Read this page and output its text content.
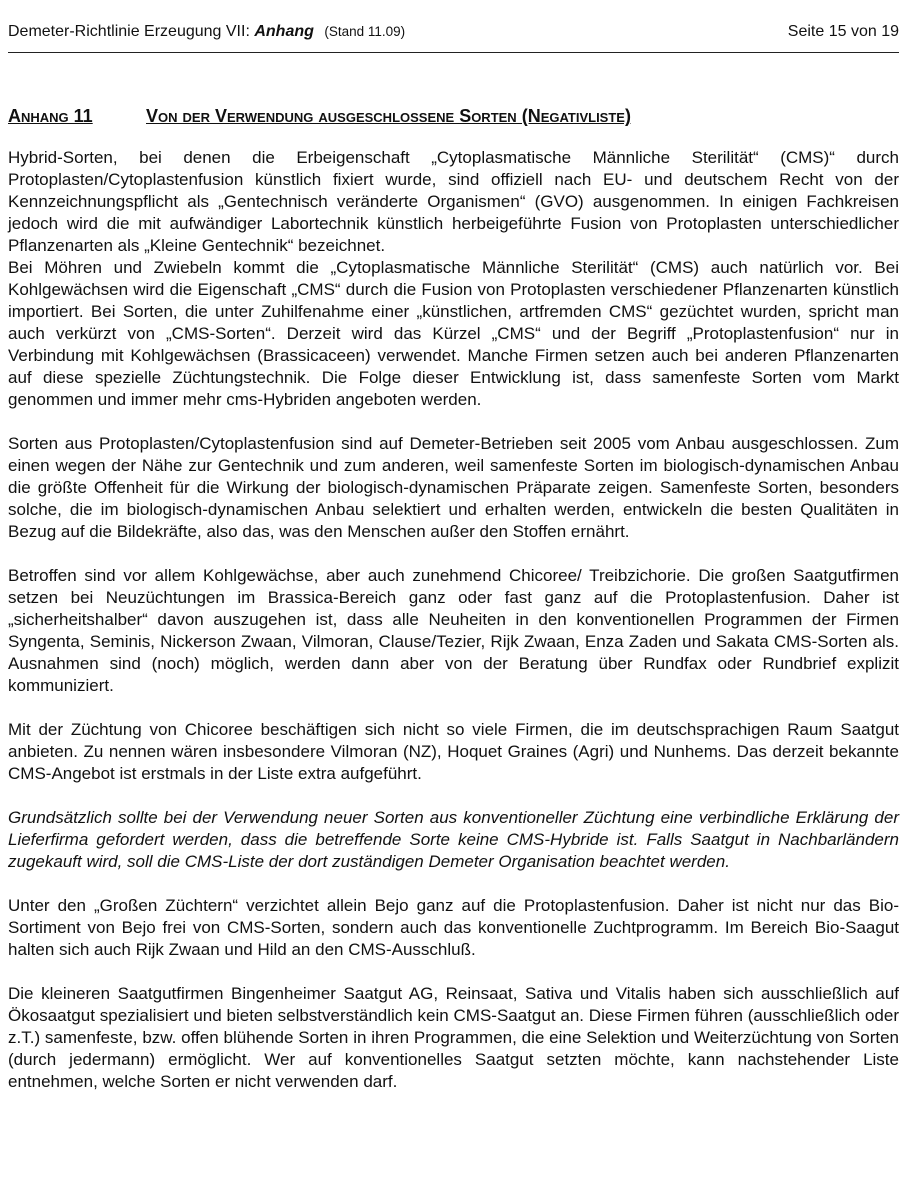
Demeter-Richtlinie Erzeugung VII: Anhang (Stand 11.09)	Seite 15 von 19
Anhang 11	Von der Verwendung ausgeschlossene Sorten (Negativliste)

Hybrid-Sorten, bei denen die Erbeigenschaft „Cytoplasmatische Männliche Sterilität“ (CMS)“ durch Protoplasten/Cytoplastenfusion künstlich fixiert wurde, sind offiziell nach EU- und deutschem Recht von der Kennzeichnungspflicht als „Gentechnisch veränderte Organismen“ (GVO) ausgenommen. In einigen Fachkreisen jedoch wird die mit aufwändiger Labortechnik künstlich herbeigeführte Fusion von Protoplasten unterschiedlicher Pflanzenarten als „Kleine Gentechnik“ bezeichnet.

Bei Möhren und Zwiebeln kommt die „Cytoplasmatische Männliche Sterilität“ (CMS) auch natürlich vor. Bei Kohlgewächsen wird die Eigenschaft „CMS“ durch die Fusion von Protoplasten verschiedener Pflanzenarten künstlich importiert. Bei Sorten, die unter Zuhilfenahme einer „künstlichen, artfremden CMS“ gezüchtet wurden, spricht man auch verkürzt von „CMS-Sorten“. Derzeit wird das Kürzel „CMS“ und der Begriff „Protoplastenfusion“ nur in Verbindung mit Kohlgewächsen (Brassicaceen) verwendet. Manche Firmen setzen auch bei anderen Pflanzenarten auf diese spezielle Züchtungstechnik. Die Folge dieser Entwicklung ist, dass samenfeste Sorten vom Markt genommen und immer mehr cms-Hybriden angeboten werden.

Sorten aus Protoplasten/Cytoplastenfusion sind auf Demeter-Betrieben seit 2005 vom Anbau ausgeschlossen. Zum einen wegen der Nähe zur Gentechnik und zum anderen, weil samenfeste Sorten im biologisch-dynamischen Anbau die größte Offenheit für die Wirkung der biologisch-dynamischen Präparate zeigen. Samenfeste Sorten, besonders solche, die im biologisch-dynamischen Anbau selektiert und erhalten werden, entwickeln die besten Qualitäten in Bezug auf die Bildekräfte, also das, was den Menschen außer den Stoffen ernährt.

Betroffen sind vor allem Kohlgewächse, aber auch zunehmend Chicoree/ Treibzichorie. Die großen Saatgutfirmen setzen bei Neuzüchtungen im Brassica-Bereich ganz oder fast ganz auf die Protoplastenfusion. Daher ist „sicherheitshalber“ davon auszugehen ist, dass alle Neuheiten in den konventionellen Programmen der Firmen Syngenta, Seminis, Nickerson Zwaan, Vilmoran, Clause/Tezier, Rijk Zwaan, Enza Zaden und Sakata CMS-Sorten als. Ausnahmen sind (noch) möglich, werden dann aber von der Beratung über Rundfax oder Rundbrief explizit kommuniziert.

Mit der Züchtung von Chicoree beschäftigen sich nicht so viele Firmen, die im deutschsprachigen Raum Saatgut anbieten. Zu nennen wären insbesondere Vilmoran (NZ), Hoquet Graines (Agri) und Nunhems. Das derzeit bekannte CMS-Angebot ist erstmals in der Liste extra aufgeführt.

Grundsätzlich sollte bei der Verwendung neuer Sorten aus konventioneller Züchtung eine verbindliche Erklärung der Lieferfirma gefordert werden, dass die betreffende Sorte keine CMS-Hybride ist. Falls Saatgut in Nachbarländern zugekauft wird, soll die CMS-Liste der dort zuständigen Demeter Organisation beachtet werden.

Unter den „Großen Züchtern“ verzichtet allein Bejo ganz auf die Protoplastenfusion. Daher ist nicht nur das Bio-Sortiment von Bejo frei von CMS-Sorten, sondern auch das konventionelle Zuchtprogramm. Im Bereich Bio-Saagut halten sich auch Rijk Zwaan und Hild an den CMS-Ausschluß.

Die kleineren Saatgutfirmen Bingenheimer Saatgut AG, Reinsaat, Sativa und Vitalis haben sich ausschließlich auf Ökosaatgut spezialisiert und bieten selbstverständlich kein CMS-Saatgut an. Diese Firmen führen (ausschließlich oder z.T.) samenfeste, bzw. offen blühende Sorten in ihren Programmen, die eine Selektion und Weiterzüchtung von Sorten (durch jedermann) ermöglicht. Wer auf konventionelles Saatgut setzten möchte, kann nachstehender Liste entnehmen, welche Sorten er nicht verwenden darf.
